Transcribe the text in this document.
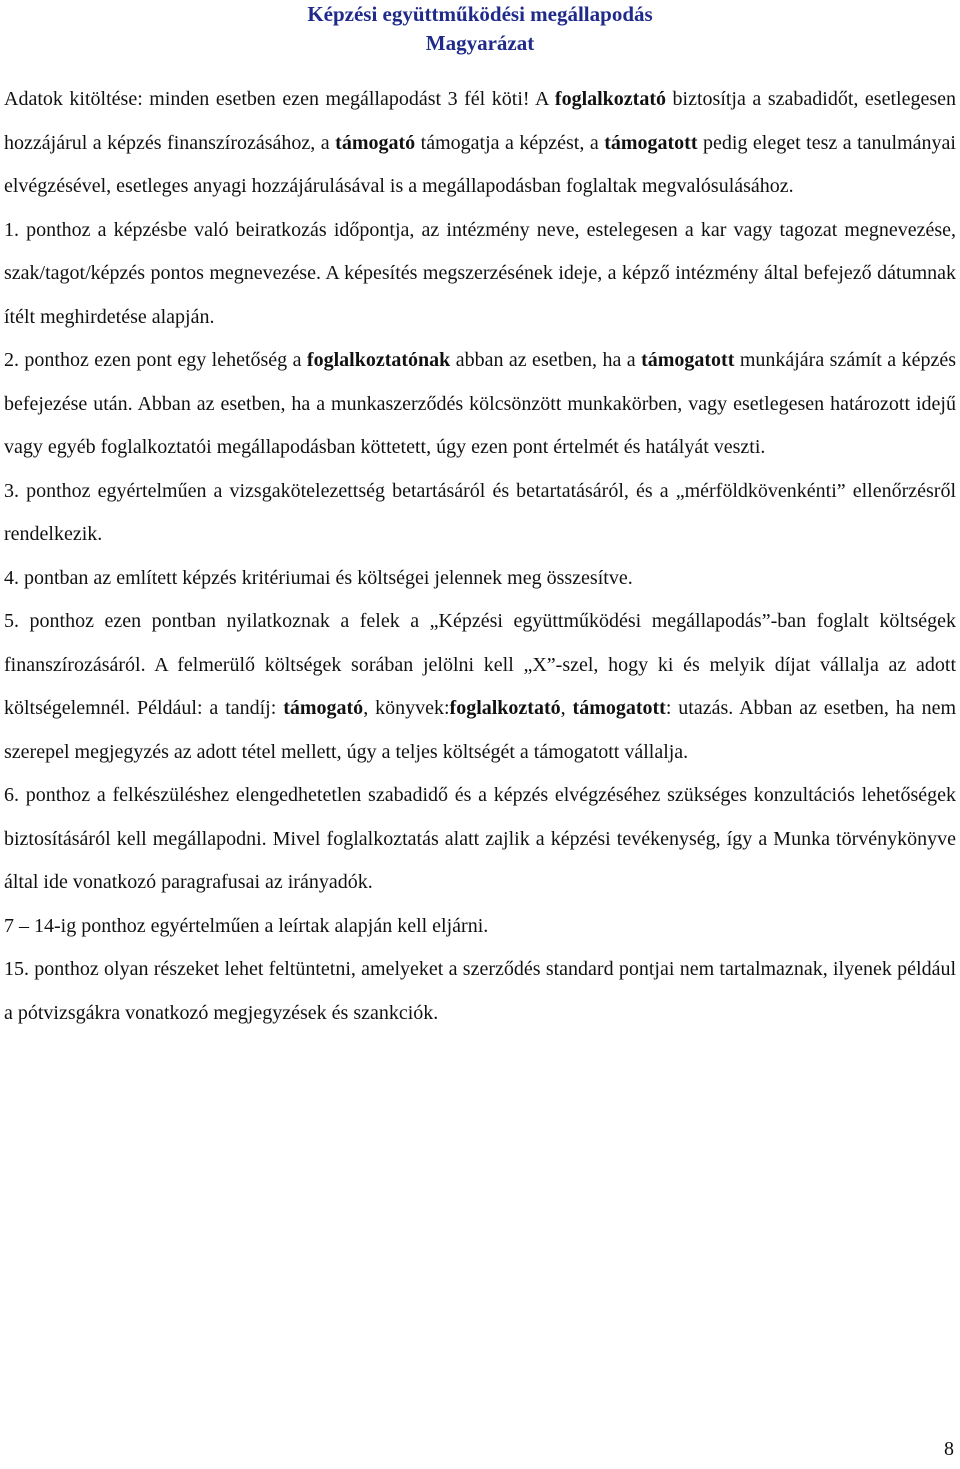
Képzési együttműködési megállapodás
Magyarázat

Adatok kitöltése: minden esetben ezen megállapodást 3 fél köti! A foglalkoztató biztosítja a szabadidőt, esetlegesen hozzájárul a képzés finanszírozásához, a támogató támogatja a képzést, a támogatott pedig eleget tesz a tanulmányai elvégzésével, esetleges anyagi hozzájárulásával is a megállapodásban foglaltak megvalósulásához.

1. ponthoz a képzésbe való beiratkozás időpontja, az intézmény neve, estelegesen a kar vagy tagozat megnevezése, szak/tagot/képzés pontos megnevezése. A képesítés megszerzésének ideje, a képző intézmény által befejező dátumnak ítélt meghirdetése alapján.

2. ponthoz ezen pont egy lehetőség a foglalkoztatónak abban az esetben, ha a támogatott munkájára számít a képzés befejezése után. Abban az esetben, ha a munkaszerződés kölcsönzött munkakörben, vagy esetlegesen határozott idejű vagy egyéb foglalkoztatói megállapodásban köttetett, úgy ezen pont értelmét és hatályát veszti.

3. ponthoz egyértelműen a vizsgakötelezettség betartásáról és betartatásáról, és a „mérföldkövenkénti” ellenőrzésről rendelkezik.

4. pontban az említett képzés kritériumai és költségei jelennek meg összesítve.

5. ponthoz ezen pontban nyilatkoznak a felek a „Képzési együttműködési megállapodás”-ban foglalt költségek finanszírozásáról. A felmerülő költségek sorában jelölni kell „X”-szel, hogy ki és melyik díjat vállalja az adott költségelemnél. Például: a tandíj: támogató, könyvek:foglalkoztató, támogatott: utazás. Abban az esetben, ha nem szerepel megjegyzés az adott tétel mellett, úgy a teljes költségét a támogatott vállalja.

6. ponthoz a felkészüléshez elengedhetetlen szabadidő és a képzés elvégzéséhez szükséges konzultációs lehetőségek biztosításáról kell megállapodni. Mivel foglalkoztatás alatt zajlik a képzési tevékenység, így a Munka törvénykönyve által ide vonatkozó paragrafusai az irányadók.

7 – 14-ig ponthoz egyértelműen a leírtak alapján kell eljárni.

15. ponthoz olyan részeket lehet feltüntetni, amelyeket a szerződés standard pontjai nem tartalmaznak, ilyenek például a pótvizsgákra vonatkozó megjegyzések és szankciók.

8
